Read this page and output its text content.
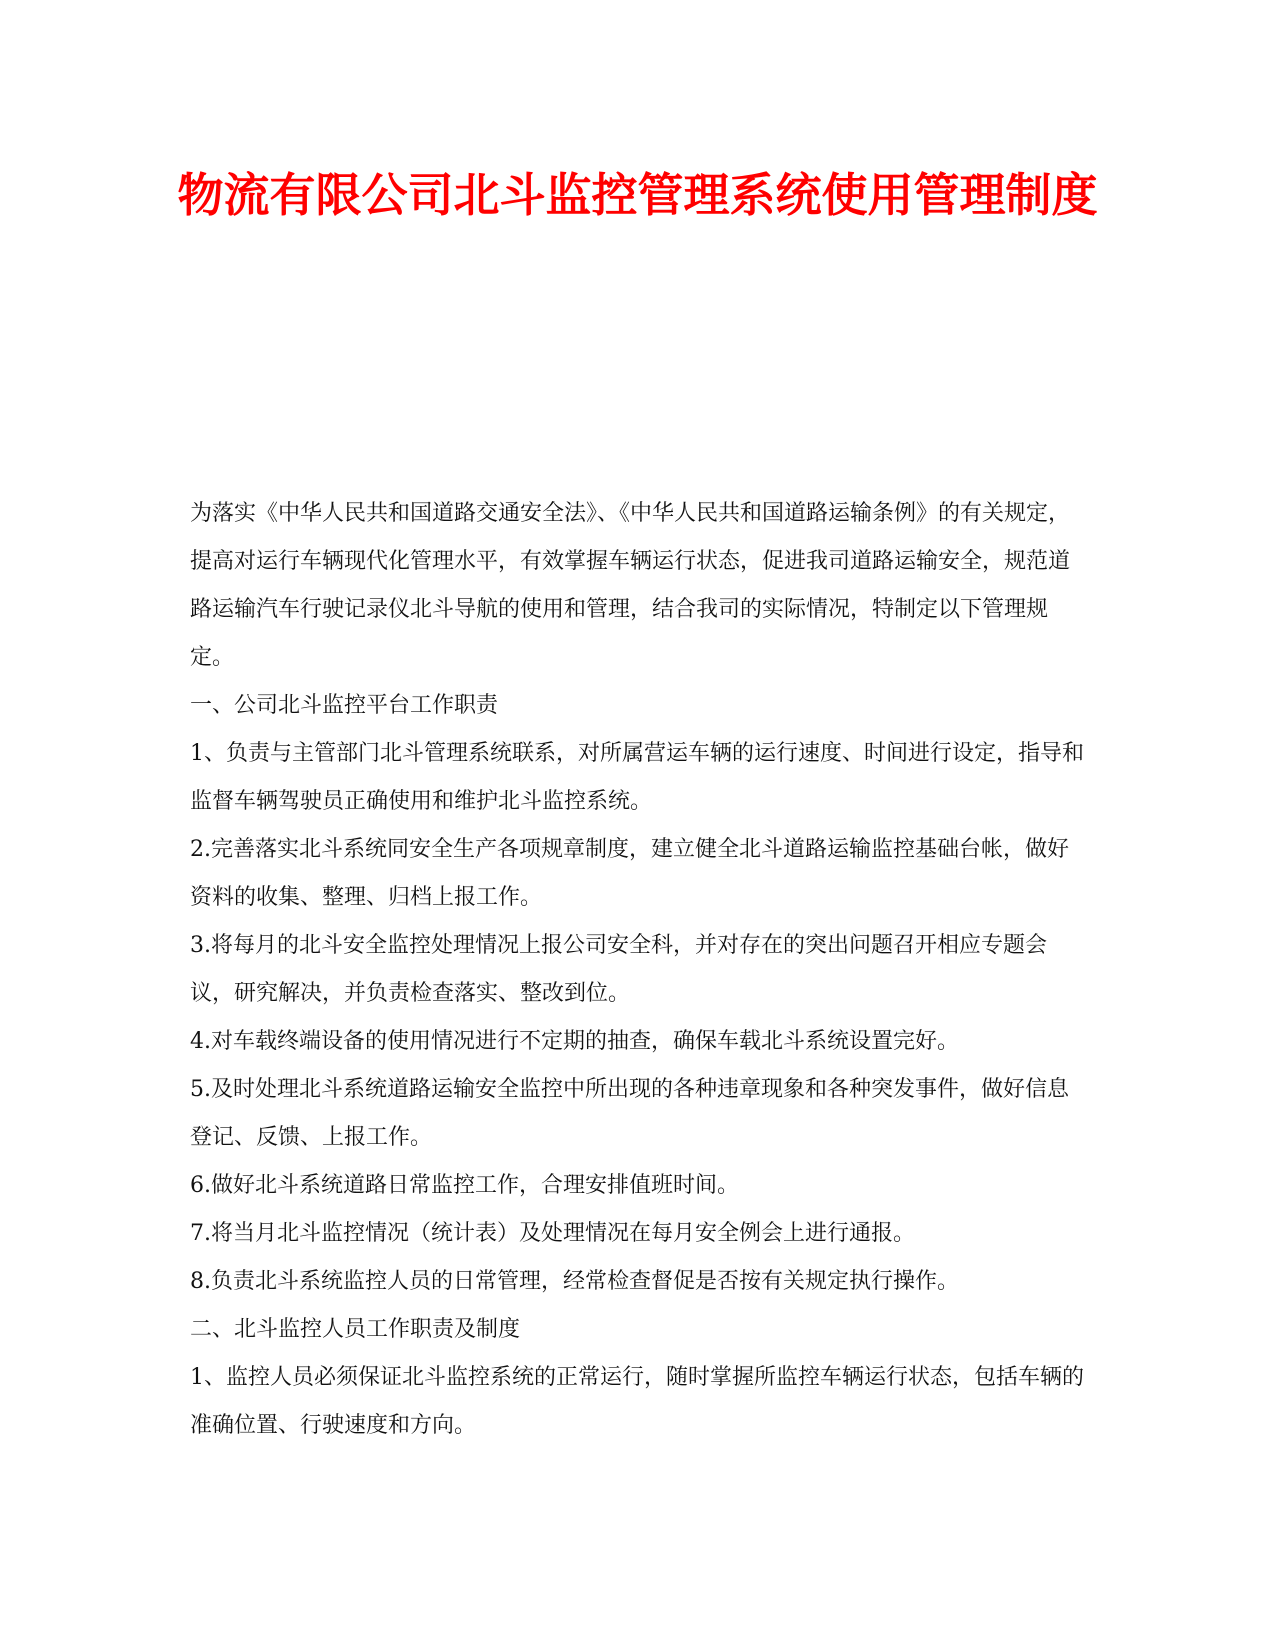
物流有限公司北斗监控管理系统使用管理制度

为落实《中华人民共和国道路交通安全法》、《中华人民共和国道路运输条例》的有关规定，提高对运行车辆现代化管理水平，有效掌握车辆运行状态，促进我司道路运输安全，规范道路运输汽车行驶记录仪北斗导航的使用和管理，结合我司的实际情况，特制定以下管理规定。

一、公司北斗监控平台工作职责

1、负责与主管部门北斗管理系统联系，对所属营运车辆的运行速度、时间进行设定，指导和监督车辆驾驶员正确使用和维护北斗监控系统。

2.完善落实北斗系统同安全生产各项规章制度，建立健全北斗道路运输监控基础台帐，做好资料的收集、整理、归档上报工作。

3.将每月的北斗安全监控处理情况上报公司安全科，并对存在的突出问题召开相应专题会议，研究解决，并负责检查落实、整改到位。

4.对车载终端设备的使用情况进行不定期的抽查，确保车载北斗系统设置完好。

5.及时处理北斗系统道路运输安全监控中所出现的各种违章现象和各种突发事件，做好信息登记、反馈、上报工作。

6.做好北斗系统道路日常监控工作，合理安排值班时间。

7.将当月北斗监控情况（统计表）及处理情况在每月安全例会上进行通报。

8.负责北斗系统监控人员的日常管理，经常检查督促是否按有关规定执行操作。

二、北斗监控人员工作职责及制度

1、监控人员必须保证北斗监控系统的正常运行，随时掌握所监控车辆运行状态，包括车辆的准确位置、行驶速度和方向。
